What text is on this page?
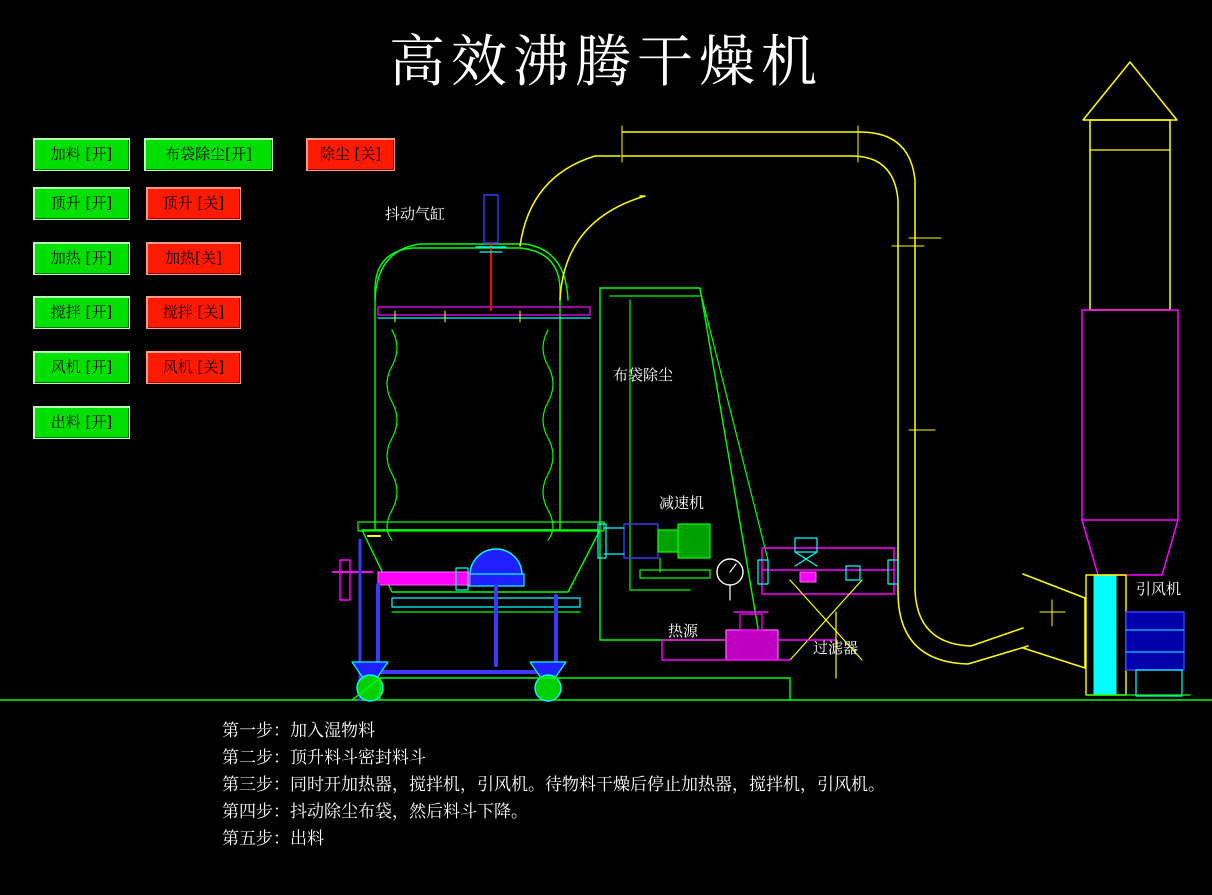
高效沸腾干燥机
加料 [开]	布袋除尘[开]	除尘 [关]
顶升 [开]	顶升 [关]
加热 [开]	加热[关]
搅拌 [开]	搅拌 [关]
风机 [开]	风机 [关]
出料 [开]
抖动气缸
布袋除尘
减速机
热源
过滤器
引风机
第一步：加入湿物料
第二步：顶升料斗密封料斗
第三步：同时开加热器，搅拌机，引风机。待物料干燥后停止加热器，搅拌机，引风机。
第四步：抖动除尘布袋，然后料斗下降。
第五步：出料
